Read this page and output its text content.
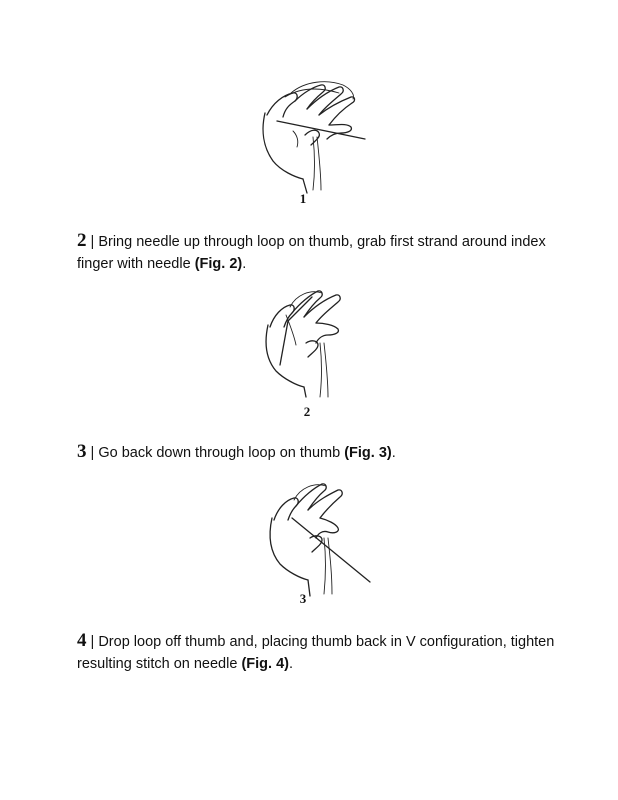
1
2 | Bring needle up through loop on thumb, grab first strand around index finger with needle (Fig. 2).
2
3 | Go back down through loop on thumb (Fig. 3).
3
4 | Drop loop off thumb and, placing thumb back in V configuration, tighten resulting stitch on needle (Fig. 4).
